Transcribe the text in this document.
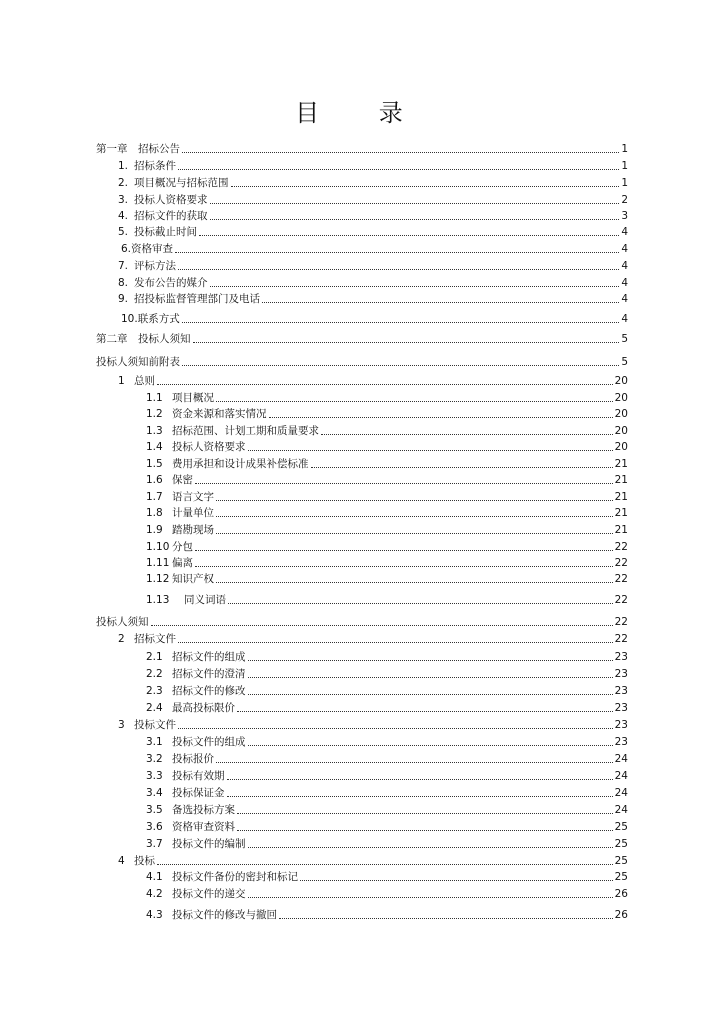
目 录
第一章　招标公告	1
1. 招标条件	1
2. 项目概况与招标范围	1
3. 投标人资格要求	2
4. 招标文件的获取	3
5. 投标截止时间	4
6.资格审查	4
7. 评标方法	4
8. 发布公告的媒介	4
9. 招投标监督管理部门及电话	4
10.联系方式	4
第二章　投标人须知	5
投标人须知前附表	5
1 总则	20
1.1 项目概况	20
1.2 资金来源和落实情况	20
1.3 招标范围、计划工期和质量要求	20
1.4 投标人资格要求	20
1.5 费用承担和设计成果补偿标准	21
1.6 保密	21
1.7 语言文字	21
1.8 计量单位	21
1.9 踏勘现场	21
1.10 分包	22
1.11 偏离	22
1.12 知识产权	22
1.13	同义词语	22
投标人须知	22
2 招标文件	22
2.1 招标文件的组成	23
2.2 招标文件的澄清	23
2.3 招标文件的修改	23
2.4 最高投标限价	23
3 投标文件	23
3.1 投标文件的组成	23
3.2 投标报价	24
3.3 投标有效期	24
3.4 投标保证金	24
3.5 备选投标方案	24
3.6 资格审查资料	25
3.7 投标文件的编制	25
4 投标	25
4.1 投标文件备份的密封和标记	25
4.2 投标文件的递交	26
4.3 投标文件的修改与撤回	26
